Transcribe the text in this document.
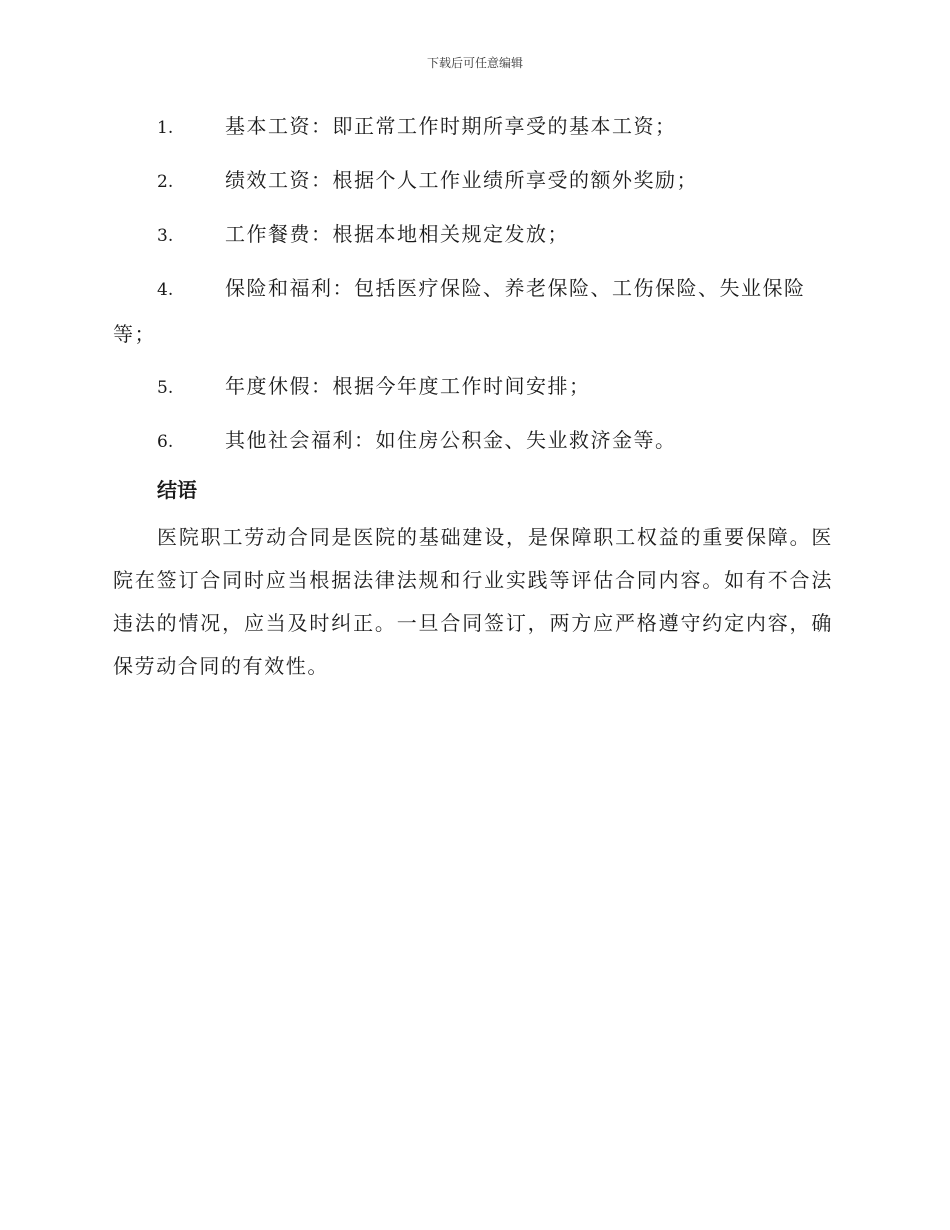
下载后可任意编辑
1.	基本工资：即正常工作时期所享受的基本工资；
2.	绩效工资：根据个人工作业绩所享受的额外奖励；
3.	工作餐费：根据本地相关规定发放；
4.	保险和福利：包括医疗保险、养老保险、工伤保险、失业保险等；
5.	年度休假：根据今年度工作时间安排；
6.	其他社会福利：如住房公积金、失业救济金等。
结语

医院职工劳动合同是医院的基础建设，是保障职工权益的重要保障。医院在签订合同时应当根据法律法规和行业实践等评估合同内容。如有不合法违法的情况，应当及时纠正。一旦合同签订，两方应严格遵守约定内容，确保劳动合同的有效性。
